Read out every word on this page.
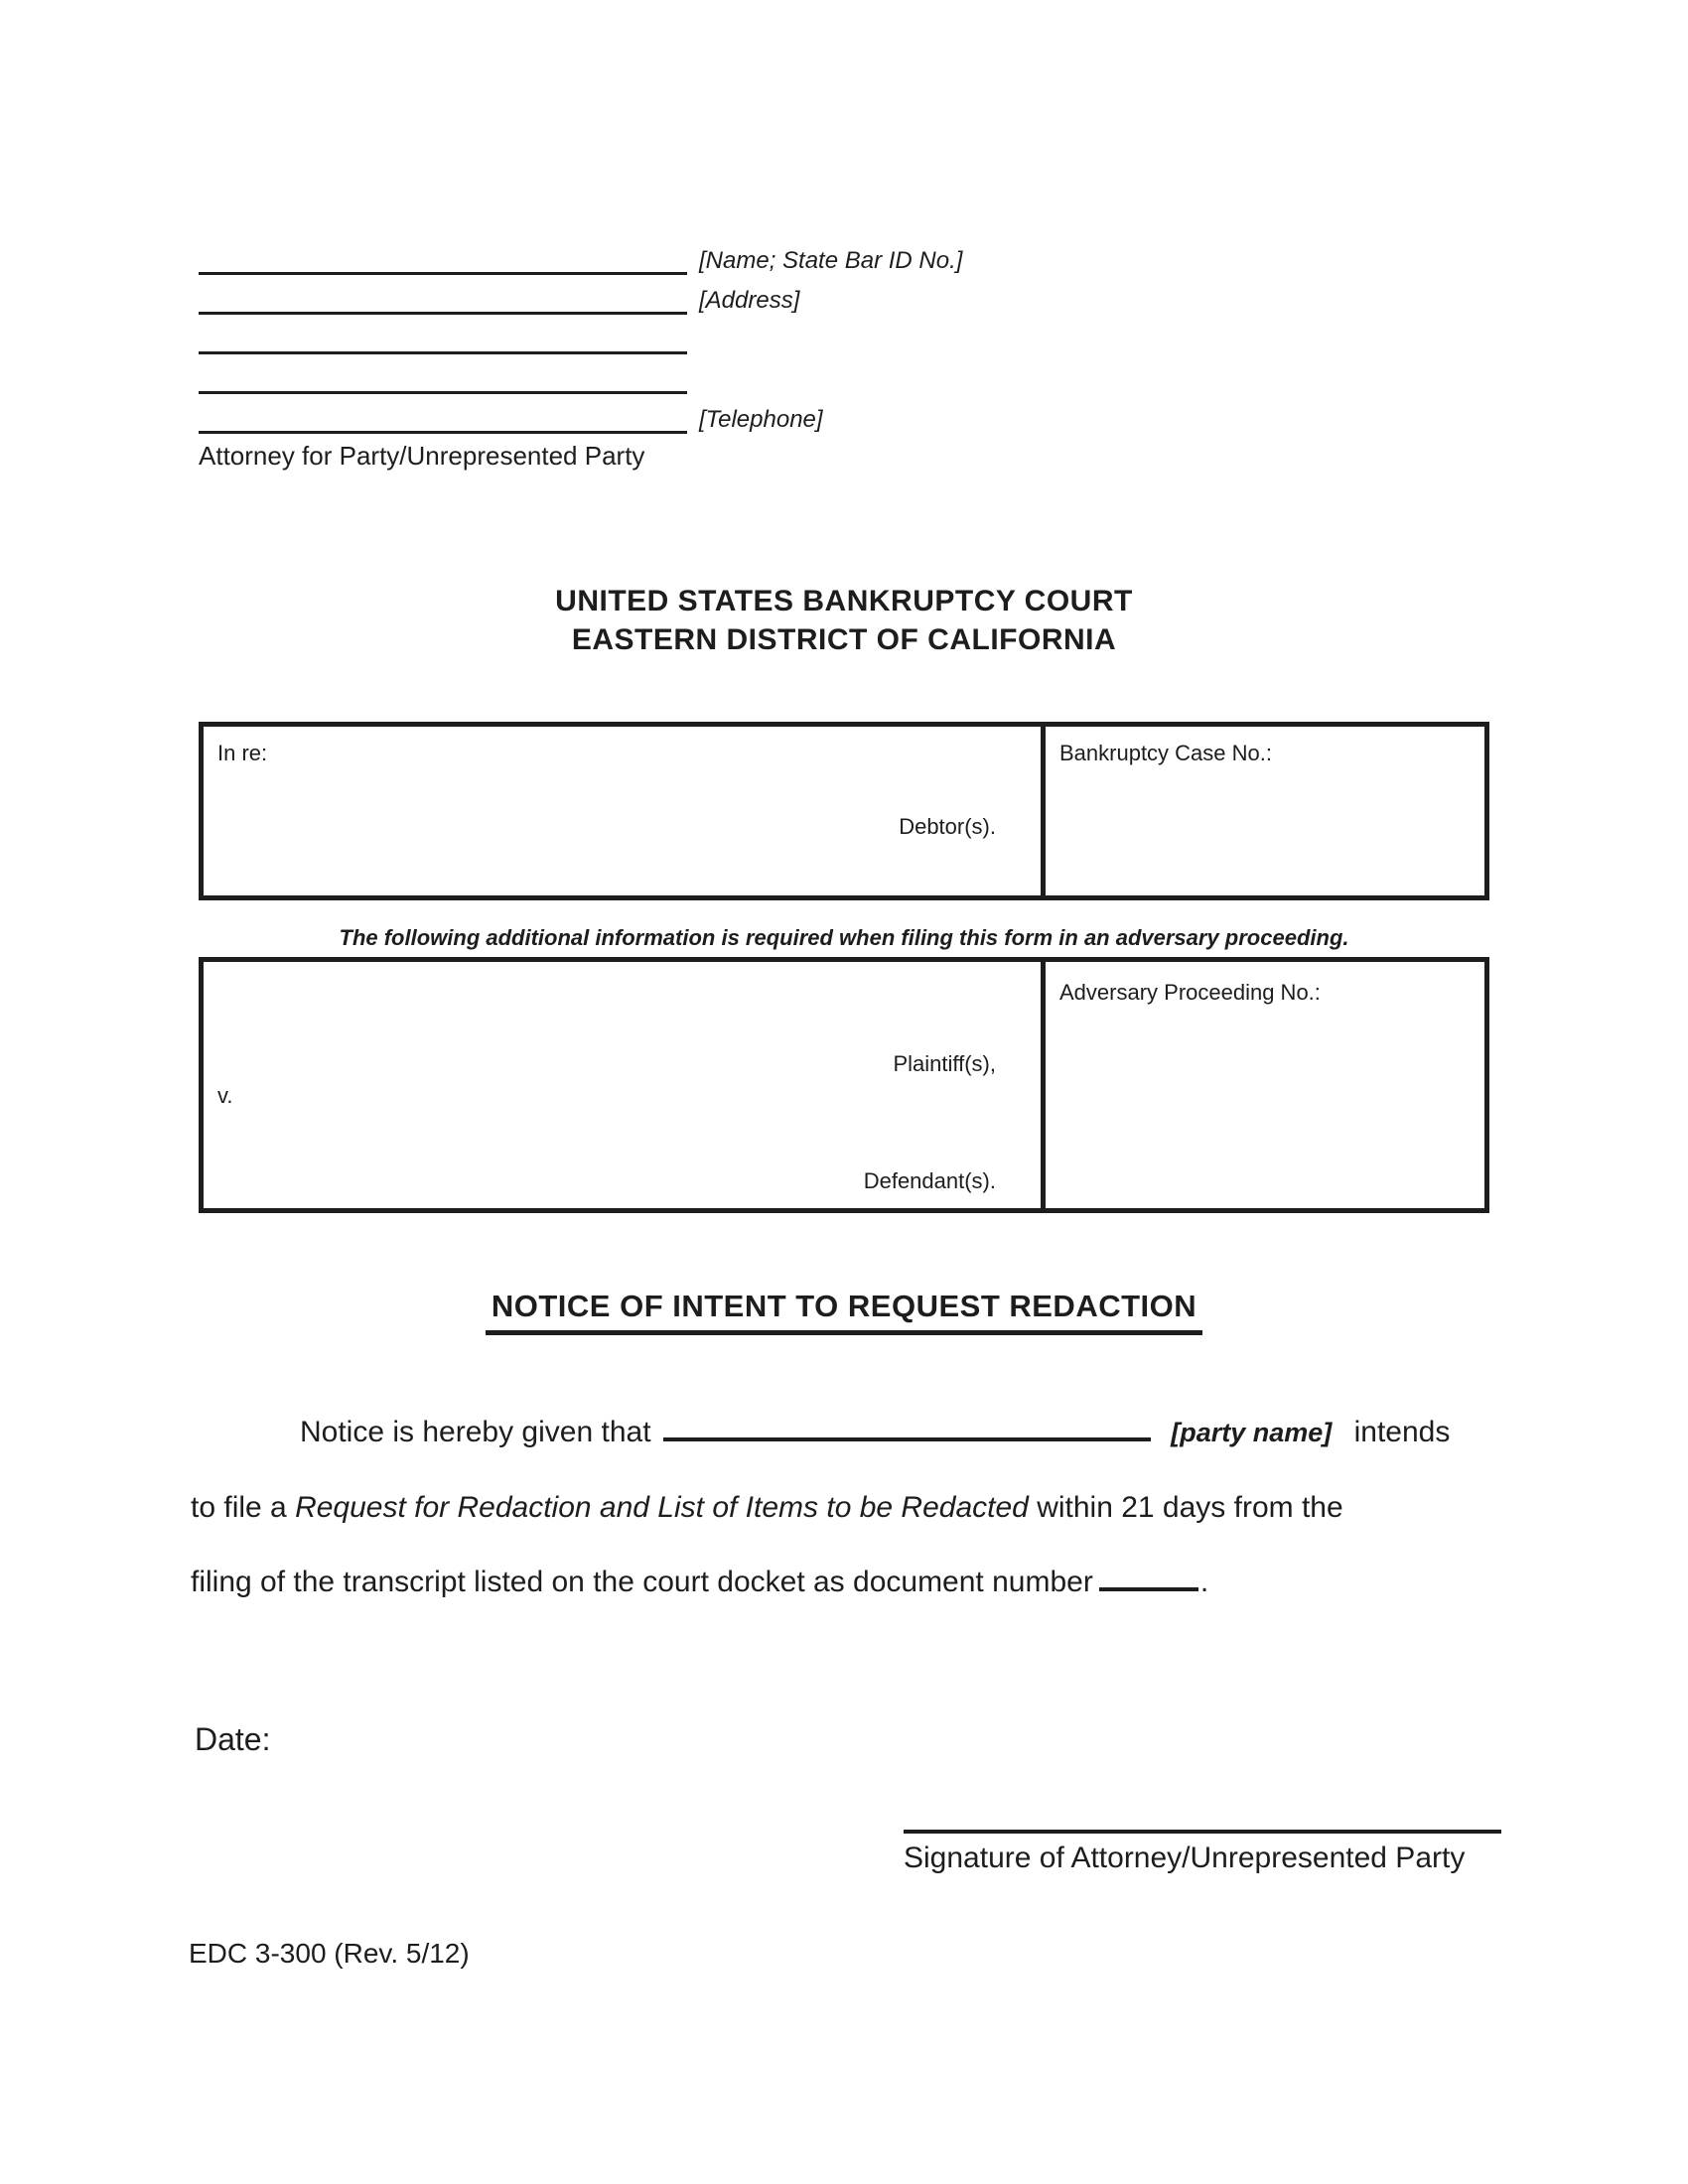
[Name; State Bar ID No.]
[Address]
[Telephone]
Attorney for Party/Unrepresented Party
UNITED STATES BANKRUPTCY COURT
EASTERN DISTRICT OF CALIFORNIA
In re:
Debtor(s).
Bankruptcy Case No.:
The following additional information is required when filing this form in an adversary proceeding.
Plaintiff(s),
v.
Defendant(s).
Adversary Proceeding No.:
NOTICE OF INTENT TO REQUEST REDACTION
Notice is hereby given that	[party name] intends
to file a Request for Redaction and List of Items to be Redacted within 21 days from the
filing of the transcript listed on the court docket as document number	.
Date:
Signature of Attorney/Unrepresented Party
EDC 3-300 (Rev. 5/12)
